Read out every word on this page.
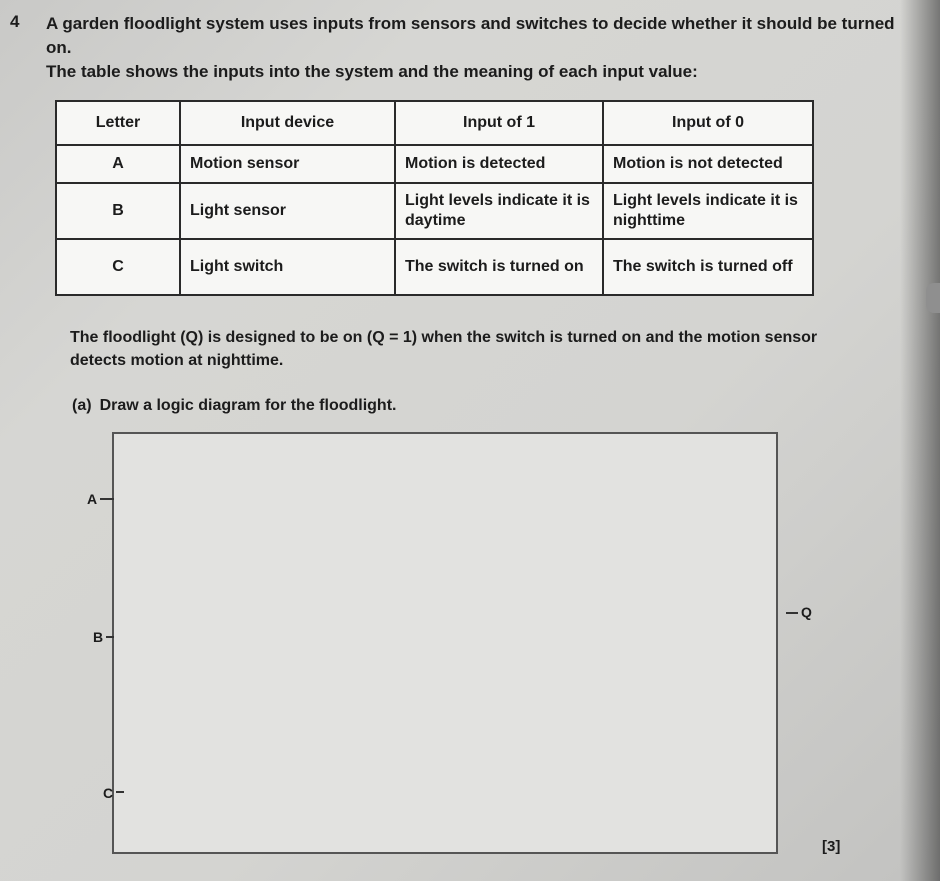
4 A garden floodlight system uses inputs from sensors and switches to decide whether it should be turned on.

The table shows the inputs into the system and the meaning of each input value:

Letter	Input device	Input of 1	Input of 0
A	Motion sensor	Motion is detected	Motion is not detected
B	Light sensor	Light levels indicate it is daytime	Light levels indicate it is nighttime
C	Light switch	The switch is turned on	The switch is turned off

The floodlight (Q) is designed to be on (Q = 1) when the switch is turned on and the motion sensor detects motion at nighttime.

(a) Draw a logic diagram for the floodlight.
A
B
C
Q
[3]
